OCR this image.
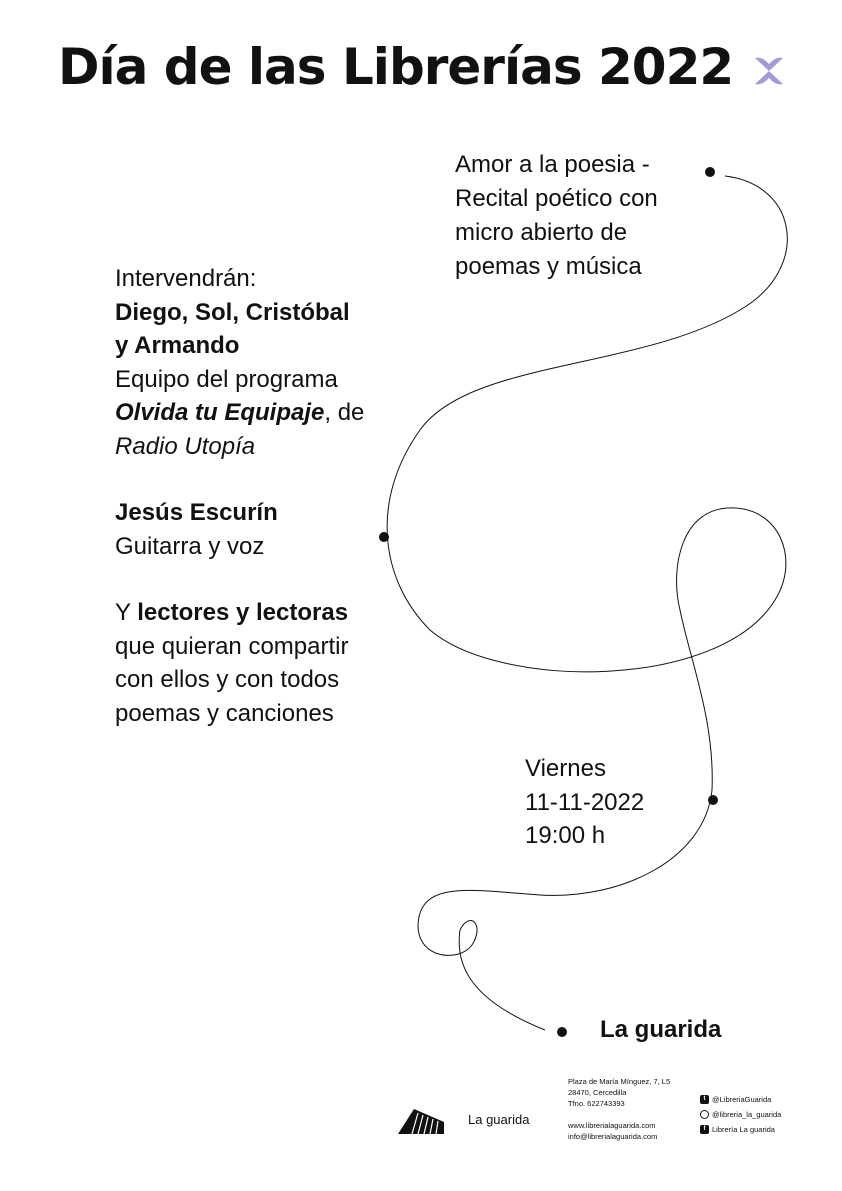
Día de las Librerías 2022
Amor a la poesia - Recital poético con micro abierto de poemas y música

Intervendrán:

Diego, Sol, Cristóbal y Armando

Equipo del programa Olvida tu Equipaje, de Radio Utopía

Jesús Escurín

Guitarra y voz

Y lectores y lectoras que quieran compartir con ellos y con todos poemas y canciones

Viernes
11-11-2022
19:00 h
La guarida
La guarida
Plaza de María Mínguez, 7, L5
28470, Cercedilla
Tfno. 622743393
www.librerialaguarida.com
info@librerialaguarida.com
t @LibreriaGuarida
@libreria_la_guarida
f Librería La guarida
